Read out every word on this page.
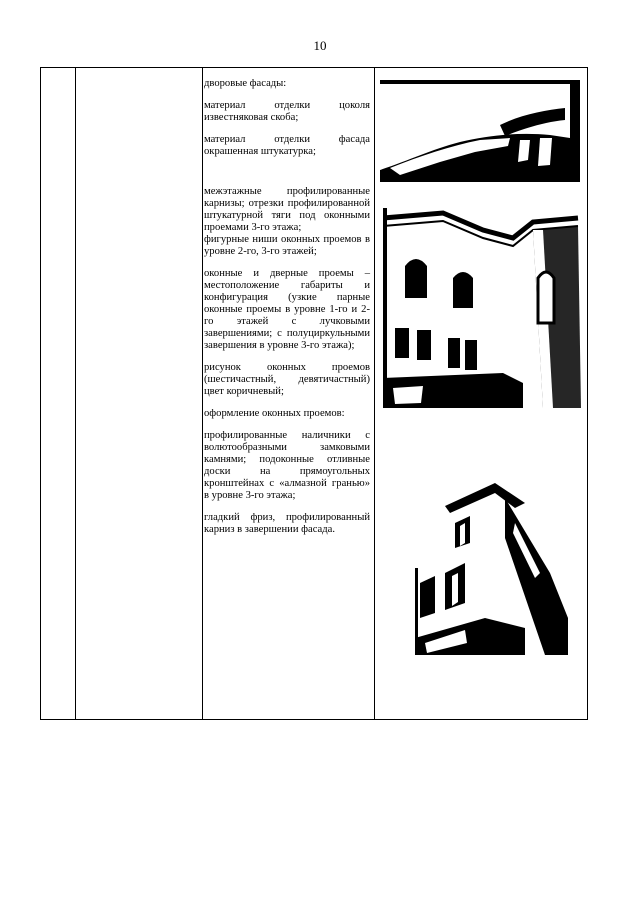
10

дворовые фасады:

материал отделки цоколя известняковая скоба;

материал отделки фасада окрашенная штукатурка;

межэтажные профилированные карнизы; отрезки профилированной штукатурной тяги под оконными проемами 3-го этажа;
фигурные ниши оконных проемов в уровне 2-го, 3-го этажей;

оконные и дверные проемы – местоположение габариты и конфигурация (узкие парные оконные проемы в уровне 1-го и 2-го этажей с лучковыми завершениями; с полуциркульными завершения в уровне 3-го этажа);

рисунок оконных проемов (шестичастный, девятичастный) цвет коричневый;

оформление оконных проемов:

профилированные наличники с волютообразными замковыми камнями; подоконные отливные доски на прямоугольных кронштейнах с «алмазной гранью» в уровне 3-го этажа;

гладкий фриз, профилированный карниз в завершении фасада.
